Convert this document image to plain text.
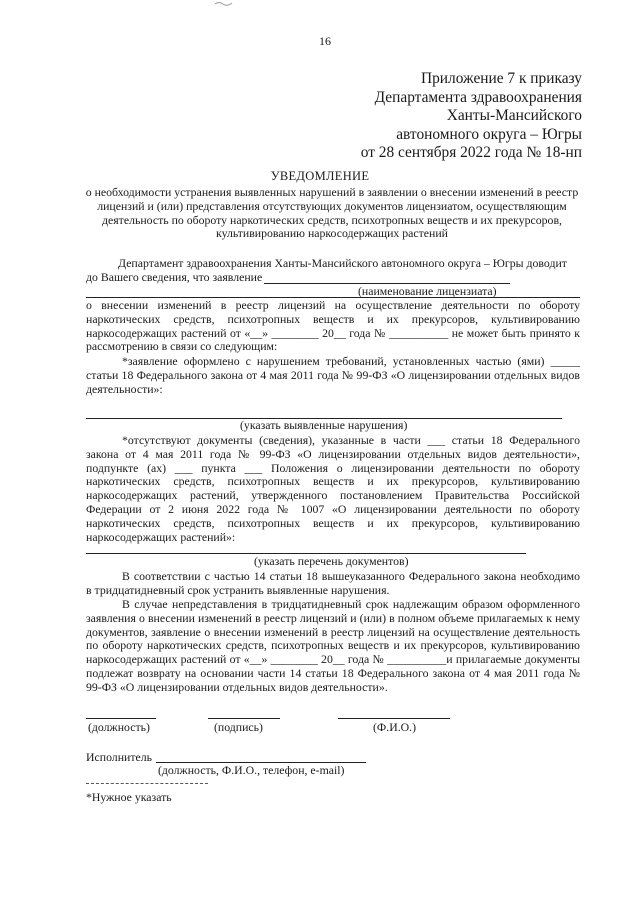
16
Приложение 7 к приказу
Департамента здравоохранения
Ханты-Мансийского
автономного округа – Югры
от 28 сентября 2022 года № 18-нп
УВЕДОМЛЕНИЕ
о необходимости устранения выявленных нарушений в заявлении о внесении изменений в реестр
лицензий и (или) представления отсутствующих документов лицензиатом, осуществляющим
деятельность по обороту наркотических средств, психотропных веществ и их прекурсоров,
культивированию наркосодержащих растений
Департамент здравоохранения Ханты-Мансийского автономного округа – Югры доводит
до Вашего сведения, что заявление
(наименование лицензиата)
о внесении изменений в реестр лицензий на осуществление деятельности по обороту
наркотических средств, психотропных веществ и их прекурсоров, культивированию
наркосодержащих растений от «__» ________ 20__ года № __________ не может быть принято к
рассмотрению в связи со следующим:
*заявление оформлено с нарушением требований, установленных частью (ями) _____
статьи 18 Федерального закона от 4 мая 2011 года № 99-ФЗ «О лицензировании отдельных видов
деятельности»:
(указать выявленные нарушения)
*отсутствуют документы (сведения), указанные в части ___ статьи 18 Федерального
закона от 4 мая 2011 года № 99-ФЗ «О лицензировании отдельных видов деятельности»,
подпункте (ах) ___ пункта ___ Положения о лицензировании деятельности по обороту
наркотических средств, психотропных веществ и их прекурсоров, культивированию
наркосодержащих растений, утвержденного постановлением Правительства Российской
Федерации от 2 июня 2022 года № 1007 «О лицензировании деятельности по обороту
наркотических средств, психотропных веществ и их прекурсоров, культивированию
наркосодержащих растений»:
(указать перечень документов)
В соответствии с частью 14 статьи 18 вышеуказанного Федерального закона необходимо
в тридцатидневный срок устранить выявленные нарушения.
В случае непредставления в тридцатидневный срок надлежащим образом оформленного
заявления о внесении изменений в реестр лицензий и (или) в полном объеме прилагаемых к нему
документов, заявление о внесении изменений в реестр лицензий на осуществление деятельность
по обороту наркотических средств, психотропных веществ и их прекурсоров, культивированию
наркосодержащих растений от «__» ________ 20__ года № __________и прилагаемые документы
подлежат возврату на основании части 14 статьи 18 Федерального закона от 4 мая 2011 года №
99-ФЗ «О лицензировании отдельных видов деятельности».
(должность)	(подпись)	(Ф.И.О.)
Исполнитель
(должность, Ф.И.О., телефон, e-mail)
*Нужное указать
